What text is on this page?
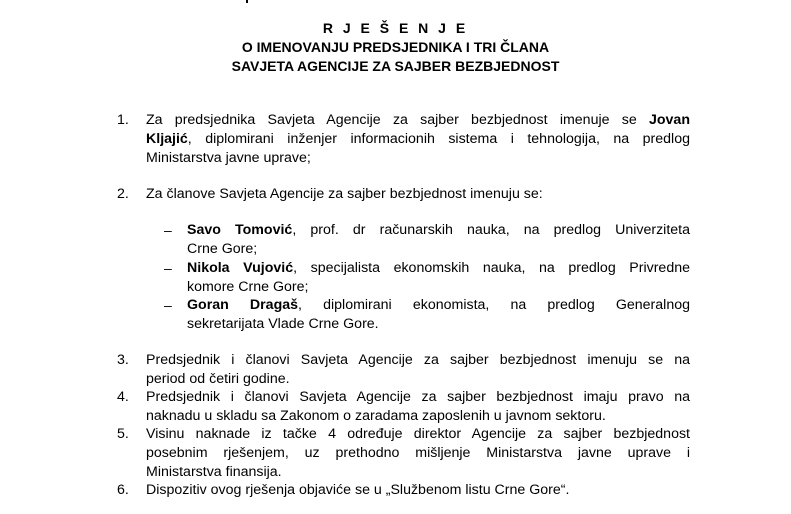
R J E Š E N J E
O IMENOVANJU PREDSJEDNIKA I TRI ČLANA
SAVJETA AGENCIJE ZA SAJBER BEZBJEDNOST
1.	Za predsjednika Savjeta Agencije za sajber bezbjednost imenuje se Jovan
Kljajić, diplomirani inženjer informacionih sistema i tehnologija, na predlog
Ministarstva javne uprave;
2.	Za članove Savjeta Agencije za sajber bezbjednost imenuju se:
– Savo Tomović, prof. dr računarskih nauka, na predlog Univerziteta
Crne Gore;
– Nikola Vujović, specijalista ekonomskih nauka, na predlog Privredne
komore Crne Gore;
– Goran Dragaš, diplomirani ekonomista, na predlog Generalnog
sekretarijata Vlade Crne Gore.
3.	Predsjednik i članovi Savjeta Agencije za sajber bezbjednost imenuju se na
period od četiri godine.
4.	Predsjednik i članovi Savjeta Agencije za sajber bezbjednost imaju pravo na
naknadu u skladu sa Zakonom o zaradama zaposlenih u javnom sektoru.
5.	Visinu naknade iz tačke 4 određuje direktor Agencije za sajber bezbjednost
posebnim rješenjem, uz prethodno mišljenje Ministarstva javne uprave i
Ministarstva finansija.
6.	Dispozitiv ovog rješenja objaviće se u „Službenom listu Crne Gore“.
